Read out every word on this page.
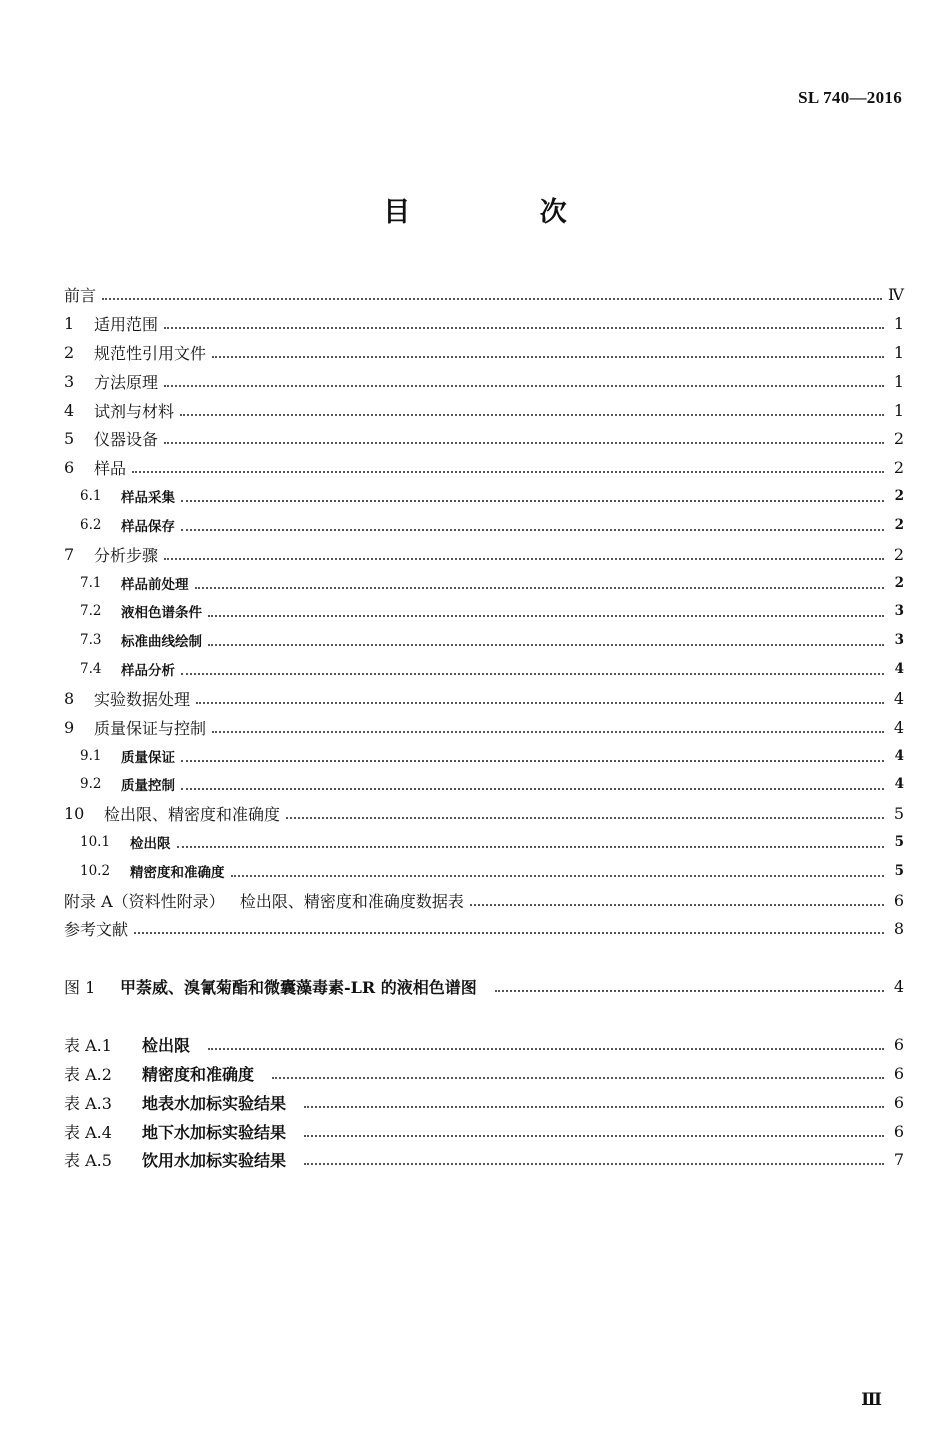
SL 740—2016
目 次
前言	Ⅳ
1	适用范围	1
2	规范性引用文件	1
3	方法原理	1
4	试剂与材料	1
5	仪器设备	2
6	样品	2
6.1	样品采集	2
6.2	样品保存	2
7	分析步骤	2
7.1	样品前处理	2
7.2	液相色谱条件	3
7.3	标准曲线绘制	3
7.4	样品分析	4
8	实验数据处理	4
9	质量保证与控制	4
9.1	质量保证	4
9.2	质量控制	4
10	检出限、精密度和准确度	5
10.1	检出限	5
10.2	精密度和准确度	5
附录 A（资料性附录）   检出限、精密度和准确度数据表	6
参考文献	8
图 1	甲萘威、溴氰菊酯和微囊藻毒素-LR 的液相色谱图	4
表 A.1	检出限	6
表 A.2	精密度和准确度	6
表 A.3	地表水加标实验结果	6
表 A.4	地下水加标实验结果	6
表 A.5	饮用水加标实验结果	7
Ⅲ
